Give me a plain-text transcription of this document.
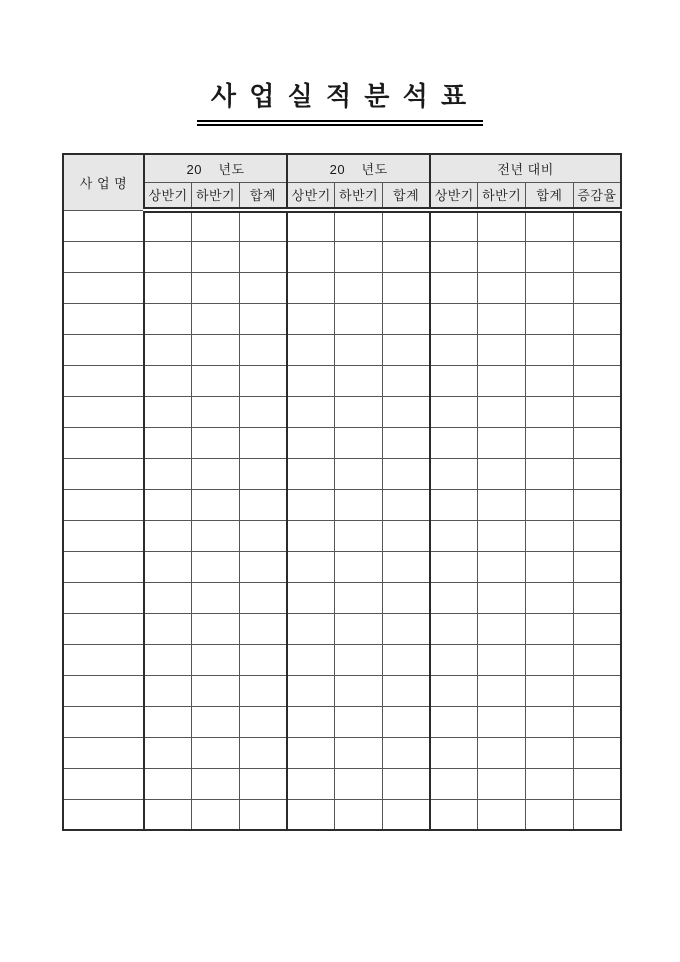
사 업 실 적 분 석 표
사 업 명	20    년도			20    년도			전년 대비			
	상반기	하반기	합계	상반기	하반기	합계	상반기	하반기	합계	증감율
